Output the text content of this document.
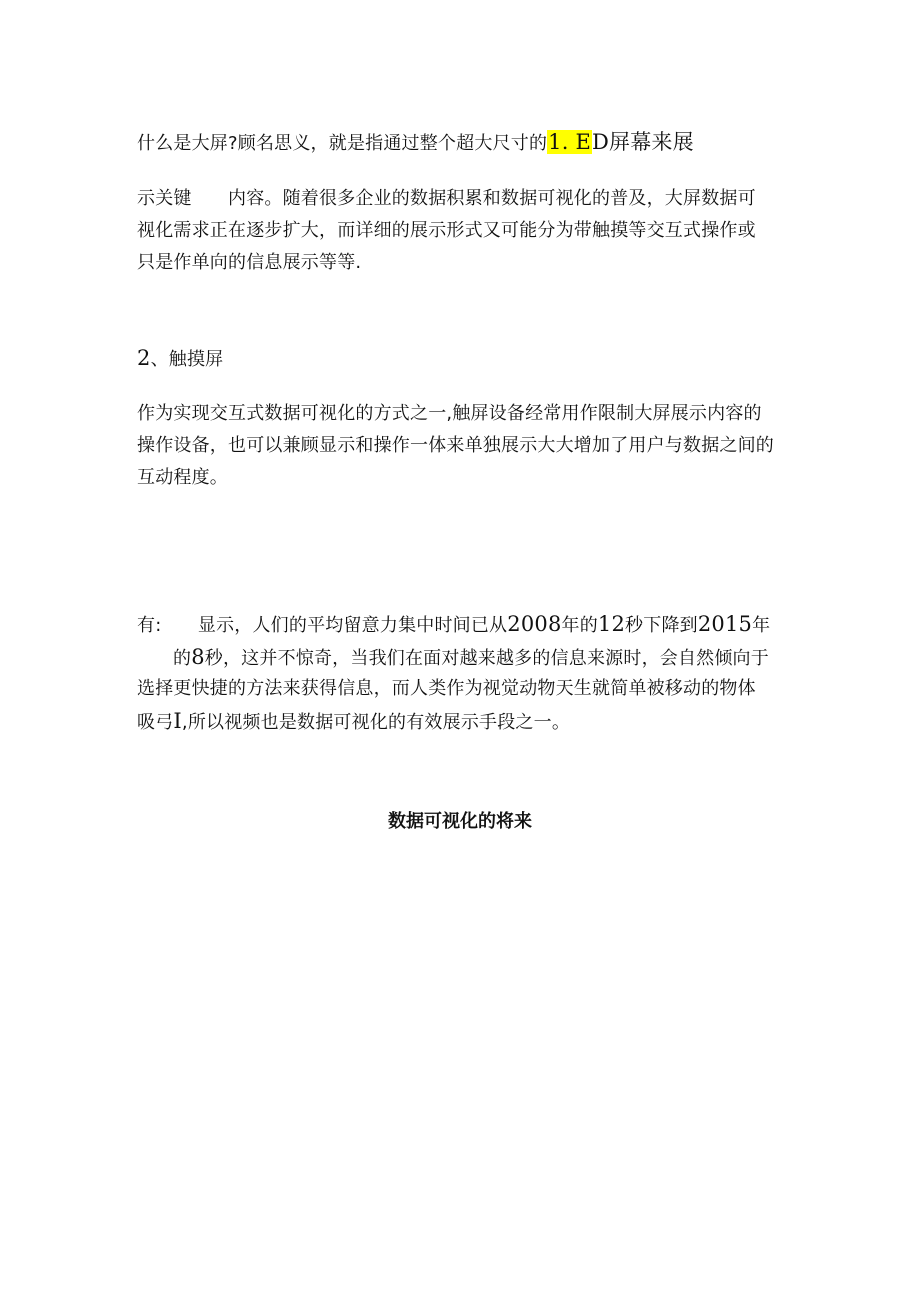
什么是大屏?顾名思义，就是指通过整个超大尺寸的1. ED屏幕来展
示关键　　内容。随着很多企业的数据积累和数据可视化的普及，大屏数据可
视化需求正在逐步扩大，而详细的展示形式又可能分为带触摸等交互式操作或
只是作单向的信息展示等等.
2、触摸屏
作为实现交互式数据可视化的方式之一,触屏设备经常用作限制大屏展示内容的
操作设备，也可以兼顾显示和操作一体来单独展示大大增加了用户与数据之间的
互动程度。
有:　　显示，人们的平均留意力集中时间已从2008年的12秒下降到2015年
的8秒，这并不惊奇，当我们在面对越来越多的信息来源时，会自然倾向于
选择更快捷的方法来获得信息，而人类作为视觉动物天生就简单被移动的物体
吸弓I,所以视频也是数据可视化的有效展示手段之一。
数据可视化的将来
